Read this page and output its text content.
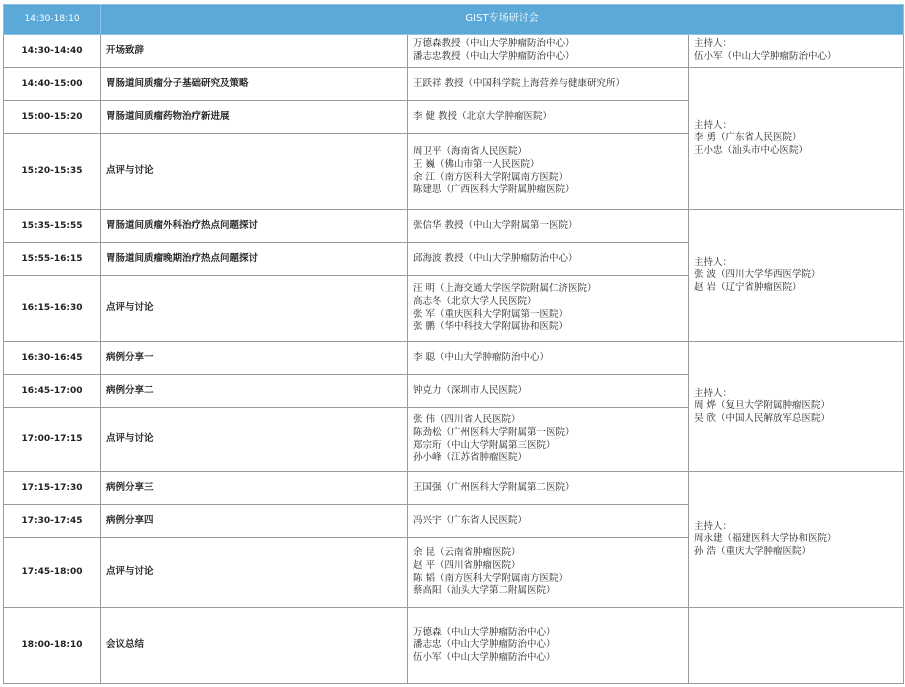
14:30-18:10	GIST专场研讨会		
14:30-14:40	开场致辞	万德森教授（中山大学肿瘤防治中心）
潘志忠教授（中山大学肿瘤防治中心）	主持人：
伍小军（中山大学肿瘤防治中心）

14:40-15:00	胃肠道间质瘤分子基础研究及策略	王跃祥 教授（中国科学院上海营养与健康研究所）	主持人：
李 勇（广东省人民医院）
王小忠（汕头市中心医院）

15:00-15:20	胃肠道间质瘤药物治疗新进展	李 健 教授（北京大学肿瘤医院）	

15:20-15:35	点评与讨论	周卫平（海南省人民医院）
王 巍（佛山市第一人民医院）
余 江（南方医科大学附属南方医院）
陈建思（广西医科大学附属肿瘤医院）	

15:35-15:55	胃肠道间质瘤外科治疗热点问题探讨	张信华 教授（中山大学附属第一医院）	主持人：
张 波（四川大学华西医学院）
赵 岩（辽宁省肿瘤医院）

15:55-16:15	胃肠道间质瘤晚期治疗热点问题探讨	邱海波 教授（中山大学肿瘤防治中心）	

16:15-16:30	点评与讨论	汪 明（上海交通大学医学院附属仁济医院）
高志冬（北京大学人民医院）
张 军（重庆医科大学附属第一医院）
张 鹏（华中科技大学附属协和医院）	

16:30-16:45	病例分享一	李 聪（中山大学肿瘤防治中心）	主持人：
周 烨（复旦大学附属肿瘤医院）
吴 欣（中国人民解放军总医院）

16:45-17:00	病例分享二	钟克力（深圳市人民医院）	

17:00-17:15	点评与讨论	张 伟（四川省人民医院）
陈劲松（广州医科大学附属第一医院）
郑宗珩（中山大学附属第三医院）
孙小峰（江苏省肿瘤医院）	

17:15-17:30	病例分享三	王国强（广州医科大学附属第二医院）	主持人：
周永建（福建医科大学协和医院）
孙 浩（重庆大学肿瘤医院）

17:30-17:45	病例分享四	冯兴宇（广东省人民医院）	

17:45-18:00	点评与讨论	余 昆（云南省肿瘤医院）
赵 平（四川省肿瘤医院）
陈 韬（南方医科大学附属南方医院）
蔡高阳（汕头大学第二附属医院）	

18:00-18:10	会议总结	万德森（中山大学肿瘤防治中心）
潘志忠（中山大学肿瘤防治中心）
伍小军（中山大学肿瘤防治中心）	
